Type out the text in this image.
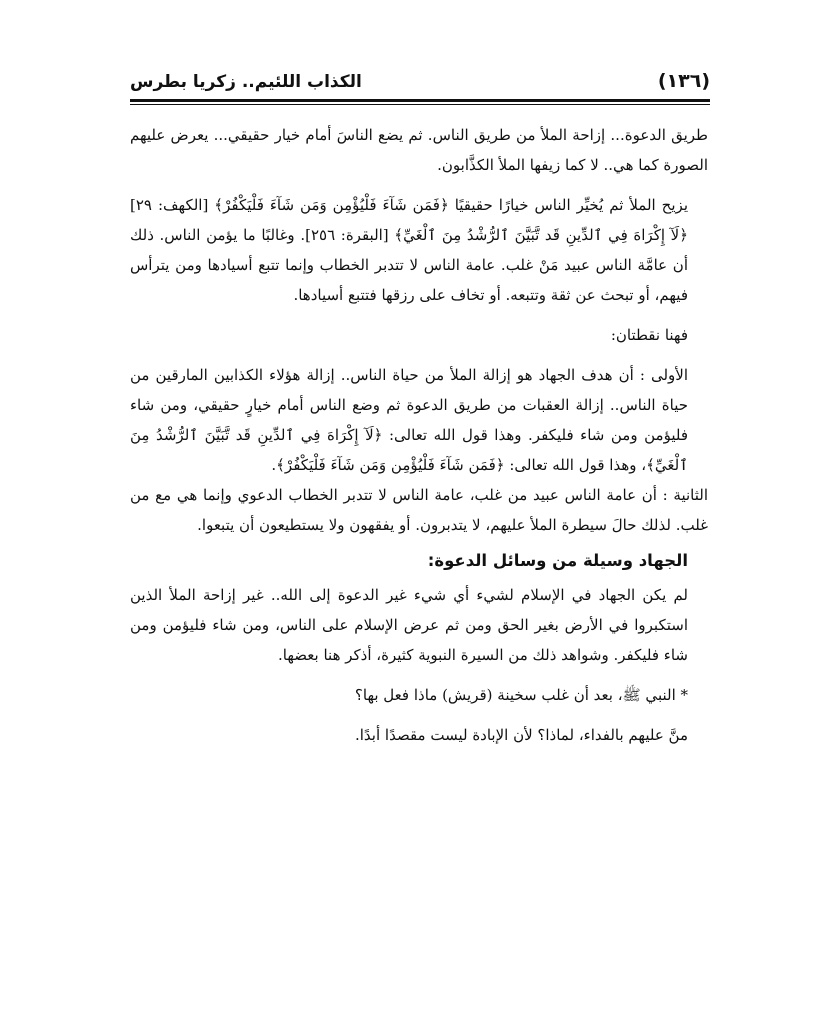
(١٣٦)
الكذاب اللئيم.. زكريا بطرس

طريق الدعوة... إزاحة الملأ من طريق الناس. ثم يضع الناسَ أمام خيار حقيقي... يعرض عليهم الصورة كما هي.. لا كما زيفها الملأ الكذَّابون.

يزيح الملأ ثم يُخيِّر الناس خيارًا حقيقيًا ﴿فَمَن شَآءَ فَلْيُؤْمِن وَمَن شَآءَ فَلْيَكْفُرْ﴾ [الكهف: ٢٩] ﴿لَآ إِكْرَاهَ فِي ٱلدِّينِ قَد تَّبَيَّنَ ٱلرُّشْدُ مِنَ ٱلْغَيِّ﴾ [البقرة: ٢٥٦]. وغالبًا ما يؤمن الناس. ذلك أن عامَّة الناس عبيد مَنْ غلب. عامة الناس لا تتدبر الخطاب وإنما تتبع أسيادها ومن يترأس فيهم، أو تبحث عن ثقة وتتبعه. أو تخاف على رزقها فتتبع أسيادها.

فهنا نقطتان:

الأولى : أن هدف الجهاد هو إزالة الملأ من حياة الناس.. إزالة هؤلاء الكذابين المارقين من حياة الناس.. إزالة العقبات من طريق الدعوة ثم وضع الناس أمام خيارٍ حقيقي، ومن شاء فليؤمن ومن شاء فليكفر. وهذا قول الله تعالى: ﴿لَآ إِكْرَاهَ فِي ٱلدِّينِ قَد تَّبَيَّنَ ٱلرُّشْدُ مِنَ ٱلْغَيِّ﴾، وهذا قول الله تعالى: ﴿فَمَن شَآءَ فَلْيُؤْمِن وَمَن شَآءَ فَلْيَكْفُرْ﴾.

الثانية : أن عامة الناس عبيد من غلب، عامة الناس لا تتدبر الخطاب الدعوي وإنما هي مع من غلب. لذلك حالَ سيطرة الملأ عليهم، لا يتدبرون. أو يفقهون ولا يستطيعون أن يتبعوا.

الجهاد وسيلة من وسائل الدعوة:

لم يكن الجهاد في الإسلام لشيء أي شيء غير الدعوة إلى الله.. غير إزاحة الملأ الذين استكبروا في الأرض بغير الحق ومن ثم عرض الإسلام على الناس، ومن شاء فليؤمن ومن شاء فليكفر. وشواهد ذلك من السيرة النبوية كثيرة، أذكر هنا بعضها.

* النبي ﷺ، بعد أن غلب سخينة (قريش) ماذا فعل بها؟

منَّ عليهم بالفداء، لماذا؟ لأن الإبادة ليست مقصدًا أبدًا.
